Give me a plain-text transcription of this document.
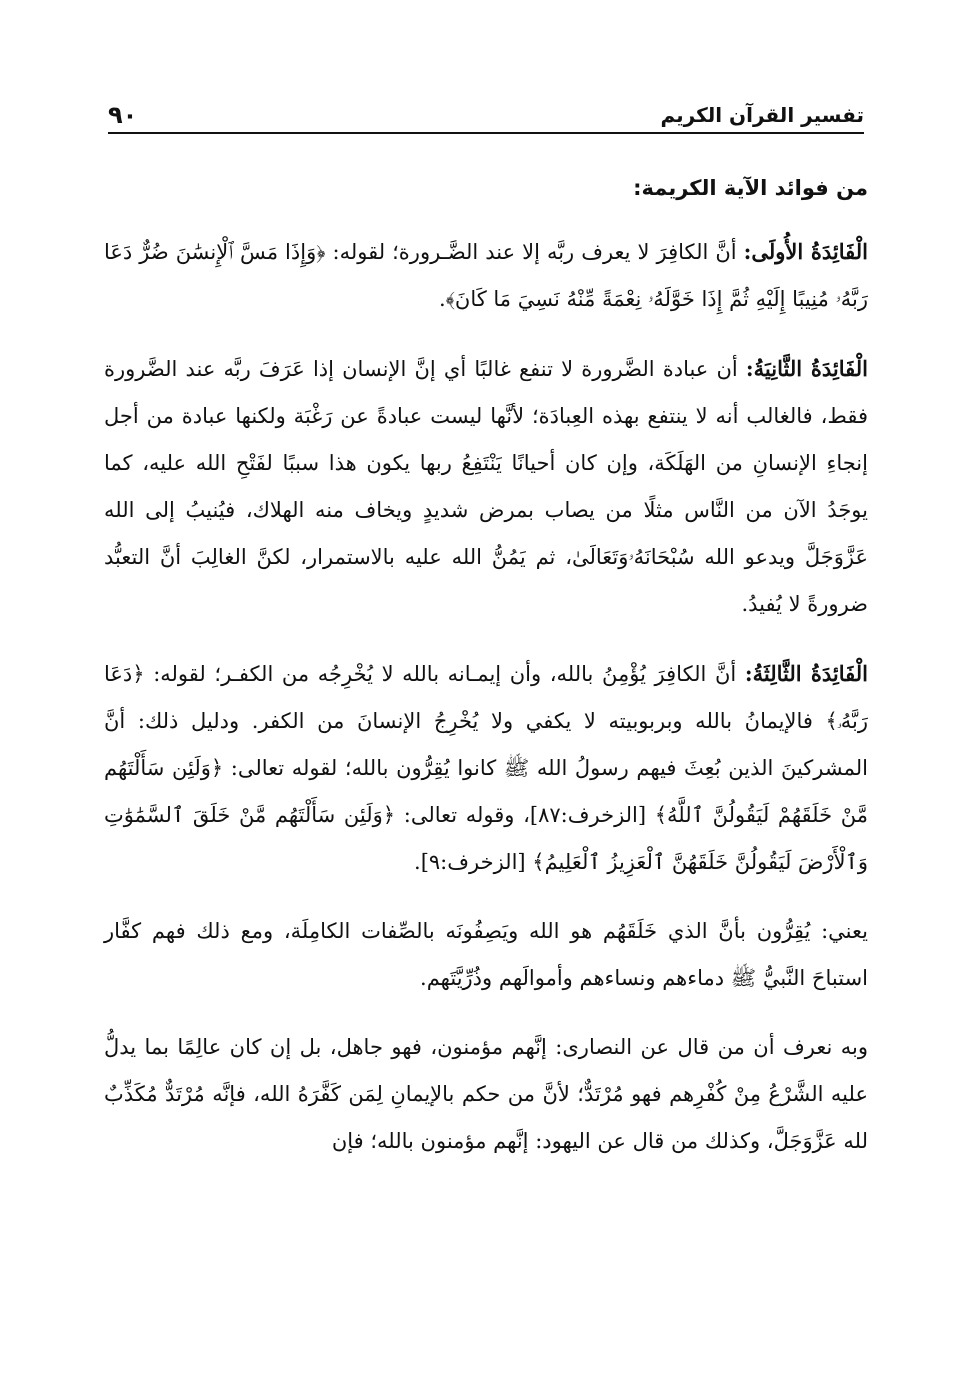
تفسير القرآن الكريم
٩٠
من فوائد الآية الكريمة:

الْفَائِدَةُ الأُولَى: أنَّ الكافِرَ لا يعرف ربَّه إلا عند الضَّـرورة؛ لقوله: ﴿وَإِذَا مَسَّ ٱلْإِنسَٰنَ ضُرٌّ دَعَا رَبَّهُۥ مُنِيبًا إِلَيْهِ ثُمَّ إِذَا خَوَّلَهُۥ نِعْمَةً مِّنْهُ نَسِيَ مَا كَانَ﴾.

الْفَائِدَةُ الثَّانِيَةُ: أن عبادة الضَّرورة لا تنفع غالبًا أي إنَّ الإنسان إذا عَرَفَ ربَّه عند الضَّرورة فقط، فالغالب أنه لا ينتفع بهذه العِبادَة؛ لأنَّها ليست عبادةً عن رَغْبَة ولكنها عبادة من أجل إنجاءِ الإنسانِ من الهَلَكَة، وإن كان أحيانًا يَنْتَفِعُ ربها يكون هذا سببًا لفَتْحِ الله عليه، كما يوجَدُ الآن من النَّاس مثلًا من يصاب بمرض شديدٍ ويخاف منه الهلاك، فيُنيبُ إلى الله عَزَّوَجَلَّ ويدعو الله سُبْحَانَهُۥوَتَعَالَىٰ، ثم يَمُنُّ الله عليه بالاستمرار، لكنَّ الغالِبَ أنَّ التعبُّد ضرورةً لا يُفيدُ.

الْفَائِدَةُ الثَّالِثَةُ: أنَّ الكافِرَ يُؤْمِنُ بالله، وأن إيمـانه بالله لا يُخْرِجُه من الكفـر؛ لقوله: ﴿دَعَا رَبَّهُۥ﴾ فالإيمانُ بالله وبربوبيته لا يكفي ولا يُخْرِجُ الإنسانَ من الكفر. ودليل ذلك: أنَّ المشركينَ الذين بُعِثَ فيهم رسولُ الله ﷺ كانوا يُقِرُّون بالله؛ لقوله تعالى: ﴿وَلَئِن سَأَلْتَهُم مَّنْ خَلَقَهُمْ لَيَقُولُنَّ ٱللَّهُ﴾ [الزخرف:٨٧]، وقوله تعالى: ﴿وَلَئِن سَأَلْتَهُم مَّنْ خَلَقَ ٱلسَّمَٰوَٰتِ وَٱلْأَرْضَ لَيَقُولُنَّ خَلَقَهُنَّ ٱلْعَزِيزُ ٱلْعَلِيمُ﴾ [الزخرف:٩].

يعني: يُقِرُّون بأنَّ الذي خَلَقَهُم هو الله ويَصِفُونَه بالصِّفات الكامِلَة، ومع ذلك فهم كفَّار استباحَ النَّبيُّ ﷺ دماءهم ونساءهم وأموالَهم وذُرِّيَّتَهم.

وبه نعرف أن من قال عن النصارى: إنَّهم مؤمنون، فهو جاهل، بل إن كان عالِمًا بما يدلُّ عليه الشَّرْعُ مِنْ كُفْرِهم فهو مُرْتَدٌّ؛ لأنَّ من حكم بالإيمانِ لِمَن كَفَّرَهُ الله، فإنَّه مُرْتَدٌّ مُكَذِّبٌ لله عَزَّوَجَلَّ، وكذلك من قال عن اليهود: إنَّهم مؤمنون بالله؛ فإن
